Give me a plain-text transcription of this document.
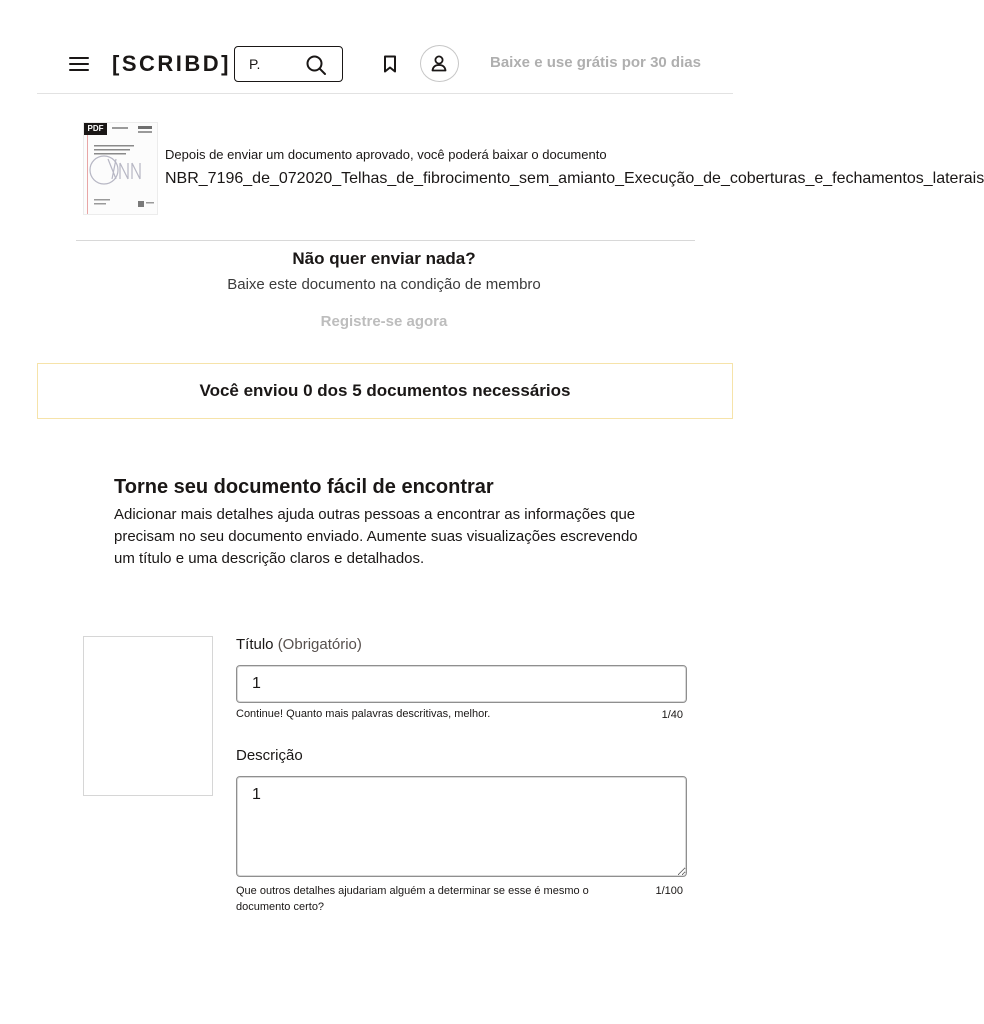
[SCRIBD]
P.	Baixe e use grátis por 30 dias
PDF
Depois de enviar um documento aprovado, você poderá baixar o documento
NBR_7196_de_072020_Telhas_de_fibrocimento_sem_amianto_Execução_de_coberturas_e_fechamentos_laterais
Não quer enviar nada?
Baixe este documento na condição de membro
Registre-se agora
Você enviou 0 dos 5 documentos necessários
Torne seu documento fácil de encontrar
Adicionar mais detalhes ajuda outras pessoas a encontrar as informações que precisam no seu documento enviado. Aumente suas visualizações escrevendo um título e uma descrição claros e detalhados.
Título (Obrigatório)
1
Continue! Quanto mais palavras descritivas, melhor.	1/40
Descrição
1
Que outros detalhes ajudariam alguém a determinar se esse é mesmo o documento certo?
1/100
